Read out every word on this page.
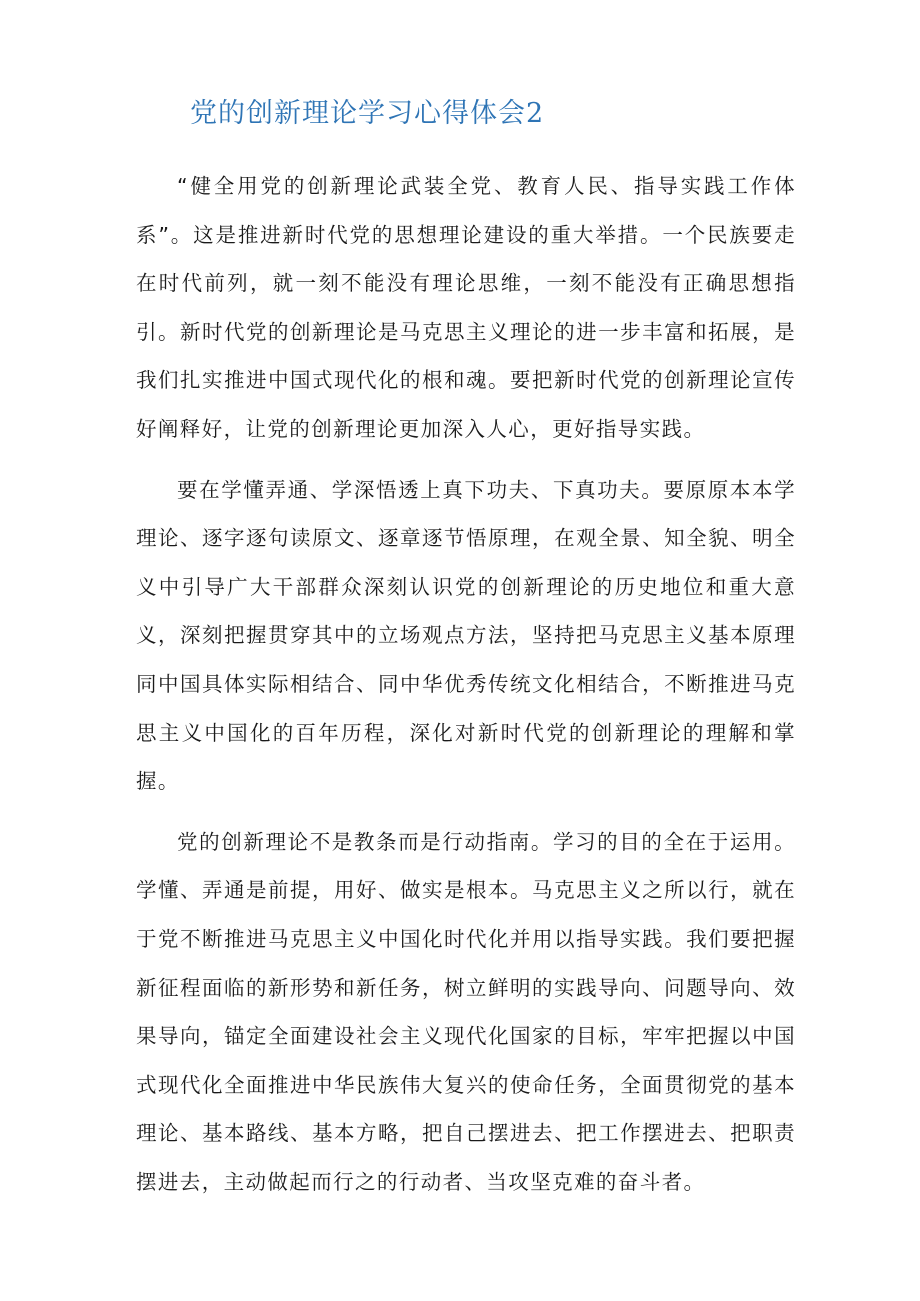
党的创新理论学习心得体会2

“健全用党的创新理论武装全党、教育人民、指导实践工作体系”。这是推进新时代党的思想理论建设的重大举措。一个民族要走在时代前列，就一刻不能没有理论思维，一刻不能没有正确思想指引。新时代党的创新理论是马克思主义理论的进一步丰富和拓展，是我们扎实推进中国式现代化的根和魂。要把新时代党的创新理论宣传好阐释好，让党的创新理论更加深入人心，更好指导实践。

要在学懂弄通、学深悟透上真下功夫、下真功夫。要原原本本学理论、逐字逐句读原文、逐章逐节悟原理，在观全景、知全貌、明全义中引导广大干部群众深刻认识党的创新理论的历史地位和重大意义，深刻把握贯穿其中的立场观点方法，坚持把马克思主义基本原理同中国具体实际相结合、同中华优秀传统文化相结合，不断推进马克思主义中国化的百年历程，深化对新时代党的创新理论的理解和掌握。

党的创新理论不是教条而是行动指南。学习的目的全在于运用。学懂、弄通是前提，用好、做实是根本。马克思主义之所以行，就在于党不断推进马克思主义中国化时代化并用以指导实践。我们要把握新征程面临的新形势和新任务，树立鲜明的实践导向、问题导向、效果导向，锚定全面建设社会主义现代化国家的目标，牢牢把握以中国式现代化全面推进中华民族伟大复兴的使命任务，全面贯彻党的基本理论、基本路线、基本方略，把自己摆进去、把工作摆进去、把职责摆进去，主动做起而行之的行动者、当攻坚克难的奋斗者。
